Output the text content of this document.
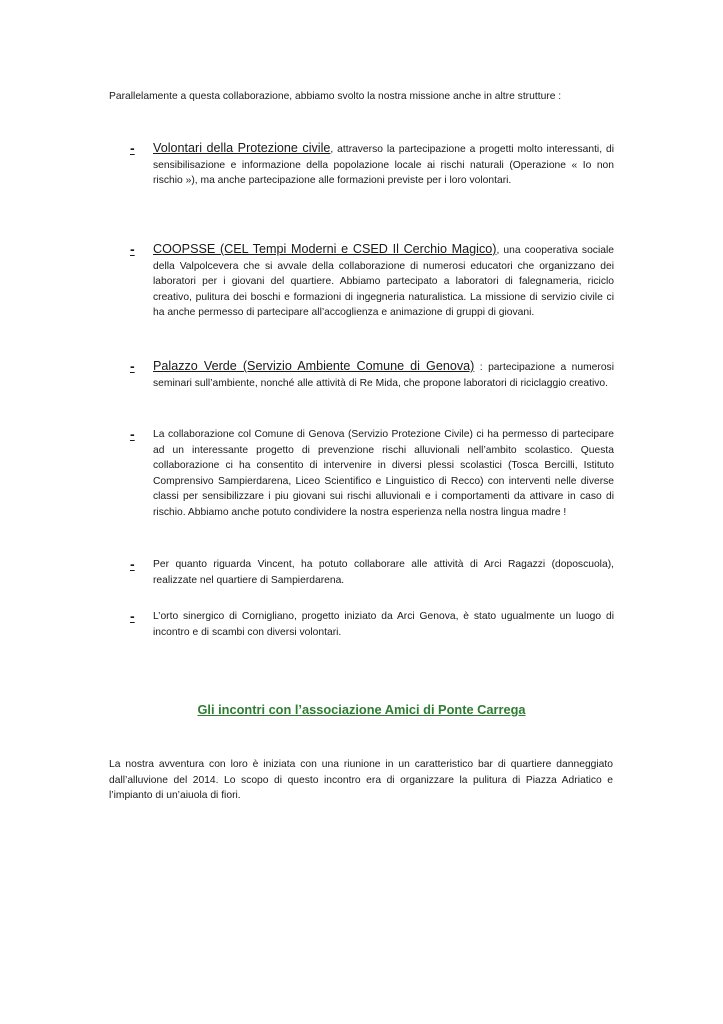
Parallelamente a questa collaborazione, abbiamo svolto la nostra missione anche in altre strutture :

- Volontari della Protezione civile, attraverso la partecipazione a progetti molto interessanti, di sensibilisazione e informazione della popolazione locale ai rischi naturali (Operazione « Io non rischio »), ma anche partecipazione alle formazioni previste per i loro volontari.

- COOPSSE (CEL Tempi Moderni e CSED Il Cerchio Magico), una cooperativa sociale della Valpolcevera che si avvale della collaborazione di numerosi educatori che organizzano dei laboratori per i giovani del quartiere. Abbiamo partecipato a laboratori di falegnameria, riciclo creativo, pulitura dei boschi e formazioni di ingegneria naturalistica. La missione di servizio civile ci ha anche permesso di partecipare all’accoglienza e animazione di gruppi di giovani.

- Palazzo Verde (Servizio Ambiente Comune di Genova) : partecipazione a numerosi seminari sull’ambiente, nonché alle attività di Re Mida, che propone laboratori di riciclaggio creativo.

- La collaborazione col Comune di Genova (Servizio Protezione Civile) ci ha permesso di partecipare ad un interessante progetto di prevenzione rischi alluvionali nell’ambito scolastico. Questa collaborazione ci ha consentito di intervenire in diversi plessi scolastici (Tosca Bercilli, Istituto Comprensivo Sampierdarena, Liceo Scientifico e Linguistico di Recco) con interventi nelle diverse classi per sensibilizzare i piu giovani sui rischi alluvionali e i comportamenti da attivare in caso di rischio. Abbiamo anche potuto condividere la nostra esperienza nella nostra lingua madre !

- Per quanto riguarda Vincent, ha potuto collaborare alle attività di Arci Ragazzi (doposcuola), realizzate nel quartiere di Sampierdarena.

- L’orto sinergico di Cornigliano, progetto iniziato da Arci Genova, è stato ugualmente un luogo di incontro e di scambi con diversi volontari.

Gli incontri con l’associazione Amici di Ponte Carrega

La nostra avventura con loro è iniziata con una riunione in un caratteristico bar di quartiere danneggiato dall’alluvione del 2014. Lo scopo di questo incontro era di organizzare la pulitura di Piazza Adriatico e l’impianto di un’aiuola di fiori.
